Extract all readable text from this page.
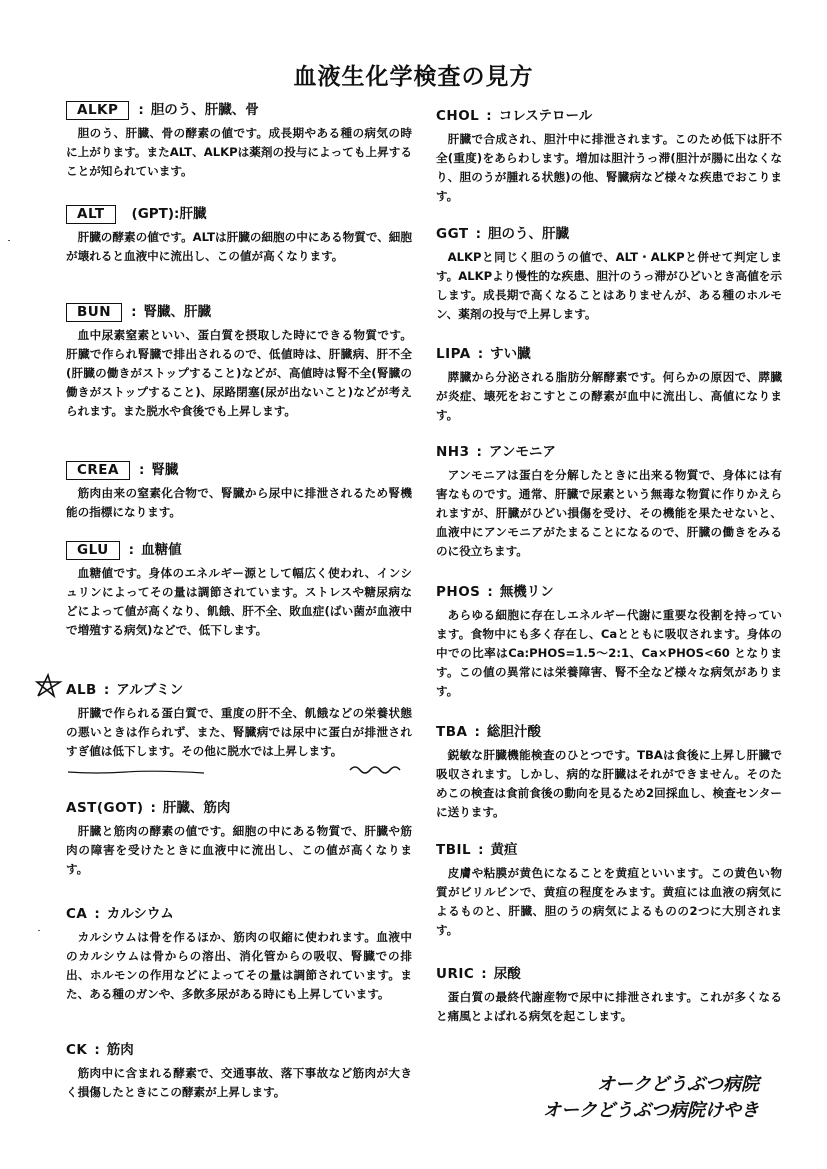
血液生化学検査の見方
ALKP : 胆のう、肝臓、骨
胆のう、肝臓、骨の酵素の値です。成長期やある種の病気の時に上がります。またALT、ALKPは薬剤の投与によっても上昇することが知られています。
ALT (GPT):肝臓
肝臓の酵素の値です。ALTは肝臓の細胞の中にある物質で、細胞が壊れると血液中に流出し、この値が高くなります。
BUN : 腎臓、肝臓
血中尿素窒素といい、蛋白質を摂取した時にできる物質です。肝臓で作られ腎臓で排出されるので、低値時は、肝臓病、肝不全(肝臓の働きがストップすること)などが、高値時は腎不全(腎臓の働きがストップすること)、尿路閉塞(尿が出ないこと)などが考えられます。また脱水や食後でも上昇します。
CREA : 腎臓
筋肉由来の窒素化合物で、腎臓から尿中に排泄されるため腎機能の指標になります。
GLU : 血糖値
血糖値です。身体のエネルギー源として幅広く使われ、インシュリンによってその量は調節されています。ストレスや糖尿病などによって値が高くなり、飢餓、肝不全、敗血症(ばい菌が血液中で増殖する病気)などで、低下します。
ALB : アルブミン
肝臓で作られる蛋白質で、重度の肝不全、飢餓などの栄養状態の悪いときは作られず、また、腎臓病では尿中に蛋白が排泄されすぎ値は低下します。その他に脱水では上昇します。
AST(GOT) : 肝臓、筋肉
肝臓と筋肉の酵素の値です。細胞の中にある物質で、肝臓や筋肉の障害を受けたときに血液中に流出し、この値が高くなります。
CA : カルシウム
カルシウムは骨を作るほか、筋肉の収縮に使われます。血液中のカルシウムは骨からの溶出、消化管からの吸収、腎臓での排出、ホルモンの作用などによってその量は調節されています。また、ある種のガンや、多飲多尿がある時にも上昇しています。
CK : 筋肉
筋肉中に含まれる酵素で、交通事故、落下事故など筋肉が大きく損傷したときにこの酵素が上昇します。
CHOL : コレステロール
肝臓で合成され、胆汁中に排泄されます。このため低下は肝不全(重度)をあらわします。増加は胆汁うっ滞(胆汁が腸に出なくなり、胆のうが腫れる状態)の他、腎臓病など様々な疾患でおこります。
GGT : 胆のう、肝臓
ALKPと同じく胆のうの値で、ALT・ALKPと併せて判定します。ALKPより慢性的な疾患、胆汁のうっ滞がひどいとき高値を示します。成長期で高くなることはありませんが、ある種のホルモン、薬剤の投与で上昇します。
LIPA : すい臓
膵臓から分泌される脂肪分解酵素です。何らかの原因で、膵臓が炎症、壊死をおこすとこの酵素が血中に流出し、高値になります。
NH3 : アンモニア
アンモニアは蛋白を分解したときに出来る物質で、身体には有害なものです。通常、肝臓で尿素という無毒な物質に作りかえられますが、肝臓がひどい損傷を受け、その機能を果たせないと、血液中にアンモニアがたまることになるので、肝臓の働きをみるのに役立ちます。
PHOS : 無機リン
あらゆる細胞に存在しエネルギー代謝に重要な役割を持っています。食物中にも多く存在し、Caとともに吸収されます。身体の中での比率はCa:PHOS=1.5〜2:1、Ca×PHOS<60 となります。この値の異常には栄養障害、腎不全など様々な病気があります。
TBA : 総胆汁酸
鋭敏な肝臓機能検査のひとつです。TBAは食後に上昇し肝臓で吸収されます。しかし、病的な肝臓はそれができません。そのためこの検査は食前食後の動向を見るため2回採血し、検査センターに送ります。
TBIL : 黄疸
皮膚や粘膜が黄色になることを黄疸といいます。この黄色い物質がビリルビンで、黄疸の程度をみます。黄疸には血液の病気によるものと、肝臓、胆のうの病気によるものの2つに大別されます。
URIC : 尿酸
蛋白質の最終代謝産物で尿中に排泄されます。これが多くなると痛風とよばれる病気を起こします。
オークどうぶつ病院
オークどうぶつ病院けやき
